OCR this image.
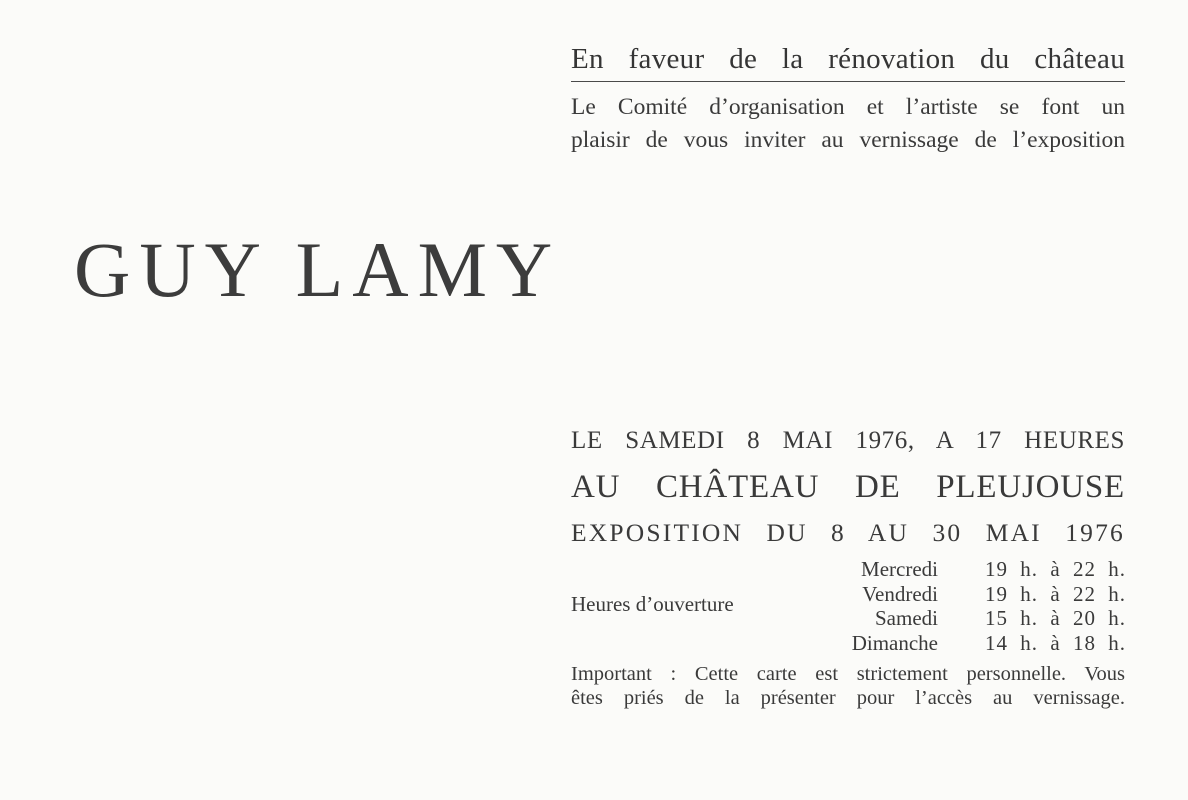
En faveur de la rénovation du château
Le Comité d’organisation et l’artiste se font un
plaisir de vous inviter au vernissage de l’exposition
GUY LAMY
LE SAMEDI 8 MAI 1976, A 17 HEURES
AU CHÂTEAU DE PLEUJOUSE
EXPOSITION DU 8 AU 30 MAI 1976
Heures d’ouverture
Mercredi
Vendredi
Samedi
Dimanche
19 h. à 22 h.
19 h. à 22 h.
15 h. à 20 h.
14 h. à 18 h.
Important : Cette carte est strictement personnelle. Vous
êtes priés de la présenter pour l’accès au vernissage.
